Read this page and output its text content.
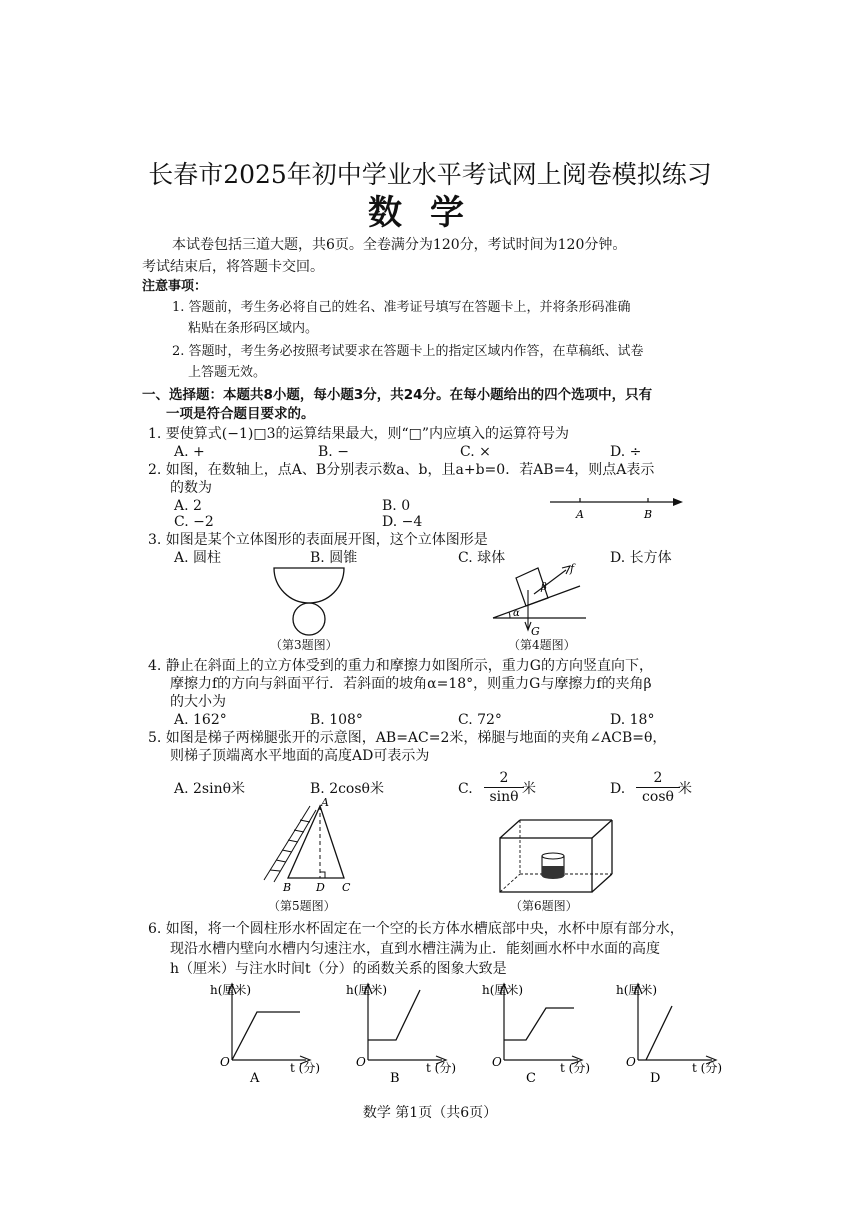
长春市2025年初中学业水平考试网上阅卷模拟练习
数学
本试卷包括三道大题，共6页。全卷满分为120分，考试时间为120分钟。
考试结束后，将答题卡交回。
注意事项：
1. 答题前，考生务必将自己的姓名、准考证号填写在答题卡上，并将条形码准确
粘贴在条形码区域内。
2. 答题时，考生务必按照考试要求在答题卡上的指定区域内作答，在草稿纸、试卷
上答题无效。
一、选择题：本题共8小题，每小题3分，共24分。在每小题给出的四个选项中，只有
一项是符合题目要求的。
1. 要使算式(−1)□3的运算结果最大，则“□”内应填入的运算符号为
A. +	B. −	C. ×	D. ÷
2. 如图，在数轴上，点A、B分别表示数a、b，且a+b=0．若AB=4，则点A表示
的数为
A. 2	B. 0
C. −2	D. −4	A	B
3. 如图是某个立体图形的表面展开图，这个立体图形是
A. 圆柱	B. 圆锥	C. 球体	D. 长方体
（第3题图）
f
β
α
G
（第4题图）
4. 静止在斜面上的立方体受到的重力和摩擦力如图所示，重力G的方向竖直向下，
摩擦力f的方向与斜面平行．若斜面的坡角α=18°，则重力G与摩擦力f的夹角β
的大小为
A. 162°	B. 108°	C. 72°	D. 18°
5. 如图是梯子两梯腿张开的示意图，AB=AC=2米，梯腿与地面的夹角∠ACB=θ，
则梯子顶端离水平地面的高度AD可表示为
A. 2sinθ米	B. 2cosθ米	C. $\frac{2}{\sin\theta}$
米	D. $\frac{2}{\cos\theta}$
米
A
B D C
（第5题图）	（第6题图）
6. 如图，将一个圆柱形水杯固定在一个空的长方体水槽底部中央，水杯中原有部分水，
现沿水槽内壁向水槽内匀速注水，直到水槽注满为止．能刻画水杯中水面的高度
h（厘米）与注水时间t（分）的函数关系的图象大致是
h(厘米)
O	t (分)
A
h(厘米)
O	t (分)
B
h(厘米)
O	t (分)
C
h(厘米)
O	t (分)
D
数学 第1页（共6页）
